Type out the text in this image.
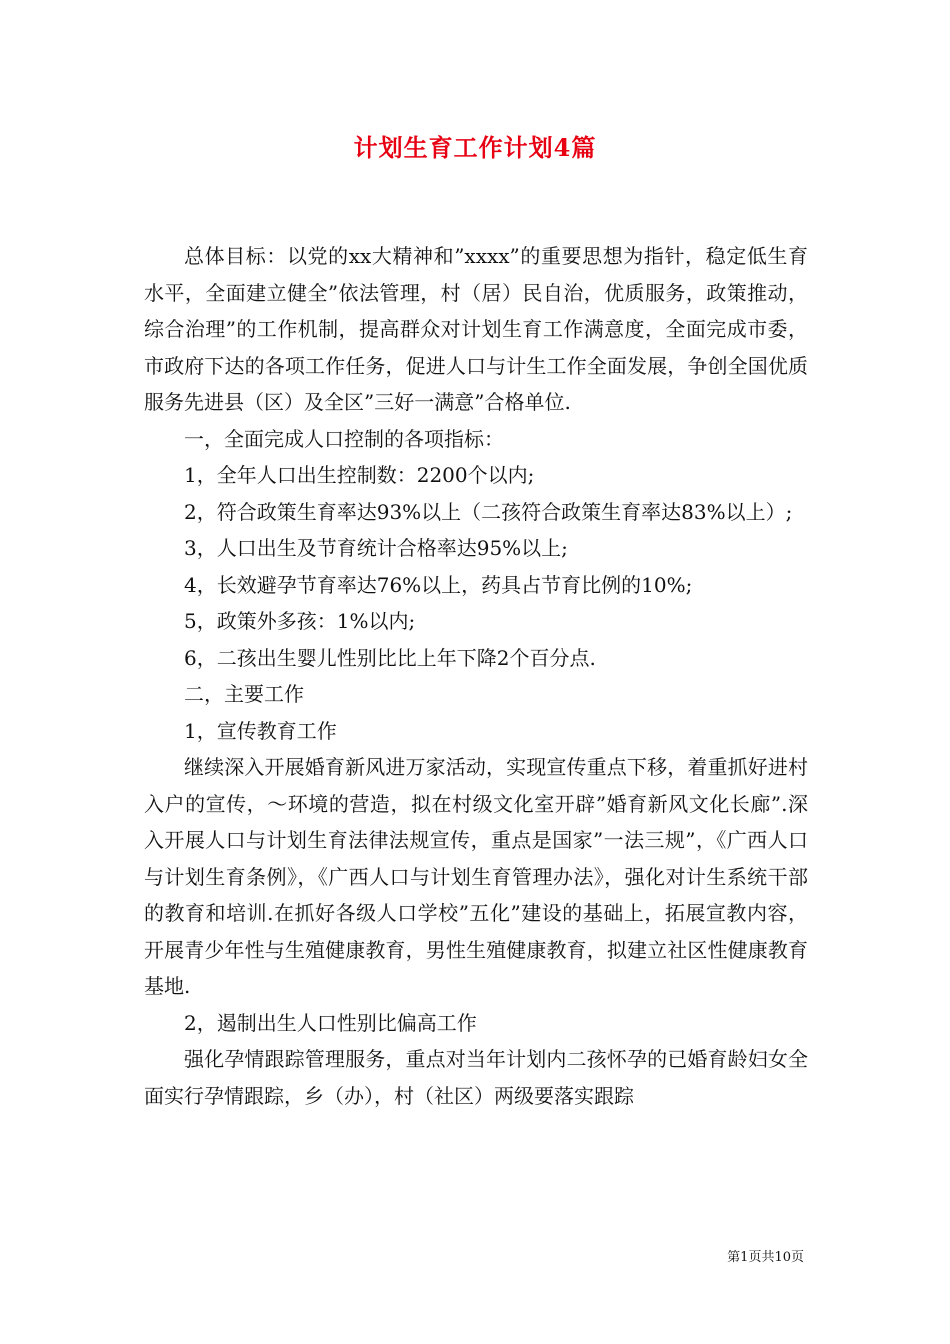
计划生育工作计划4篇

总体目标：以党的xx大精神和”xxxx”的重要思想为指针，稳定低生育水平，全面建立健全”依法管理，村（居）民自治，优质服务，政策推动，综合治理”的工作机制，提高群众对计划生育工作满意度，全面完成市委，市政府下达的各项工作任务，促进人口与计生工作全面发展，争创全国优质服务先进县（区）及全区”三好一满意”合格单位.

一，全面完成人口控制的各项指标：

1，全年人口出生控制数：2200个以内;

2，符合政策生育率达93%以上（二孩符合政策生育率达83%以上）;

3，人口出生及节育统计合格率达95%以上;

4，长效避孕节育率达76%以上，药具占节育比例的10%;

5，政策外多孩：1%以内;

6，二孩出生婴儿性别比比上年下降2个百分点.

二，主要工作

1，宣传教育工作

继续深入开展婚育新风进万家活动，实现宣传重点下移，着重抓好进村入户的宣传，～环境的营造，拟在村级文化室开辟”婚育新风文化长廊”.深入开展人口与计划生育法律法规宣传，重点是国家”一法三规”，《广西人口与计划生育条例》，《广西人口与计划生育管理办法》，强化对计生系统干部的教育和培训.在抓好各级人口学校”五化”建设的基础上，拓展宣教内容，开展青少年性与生殖健康教育，男性生殖健康教育，拟建立社区性健康教育基地.

2，遏制出生人口性别比偏高工作

强化孕情跟踪管理服务，重点对当年计划内二孩怀孕的已婚育龄妇女全面实行孕情跟踪，乡（办），村（社区）两级要落实跟踪

第1页共10页
